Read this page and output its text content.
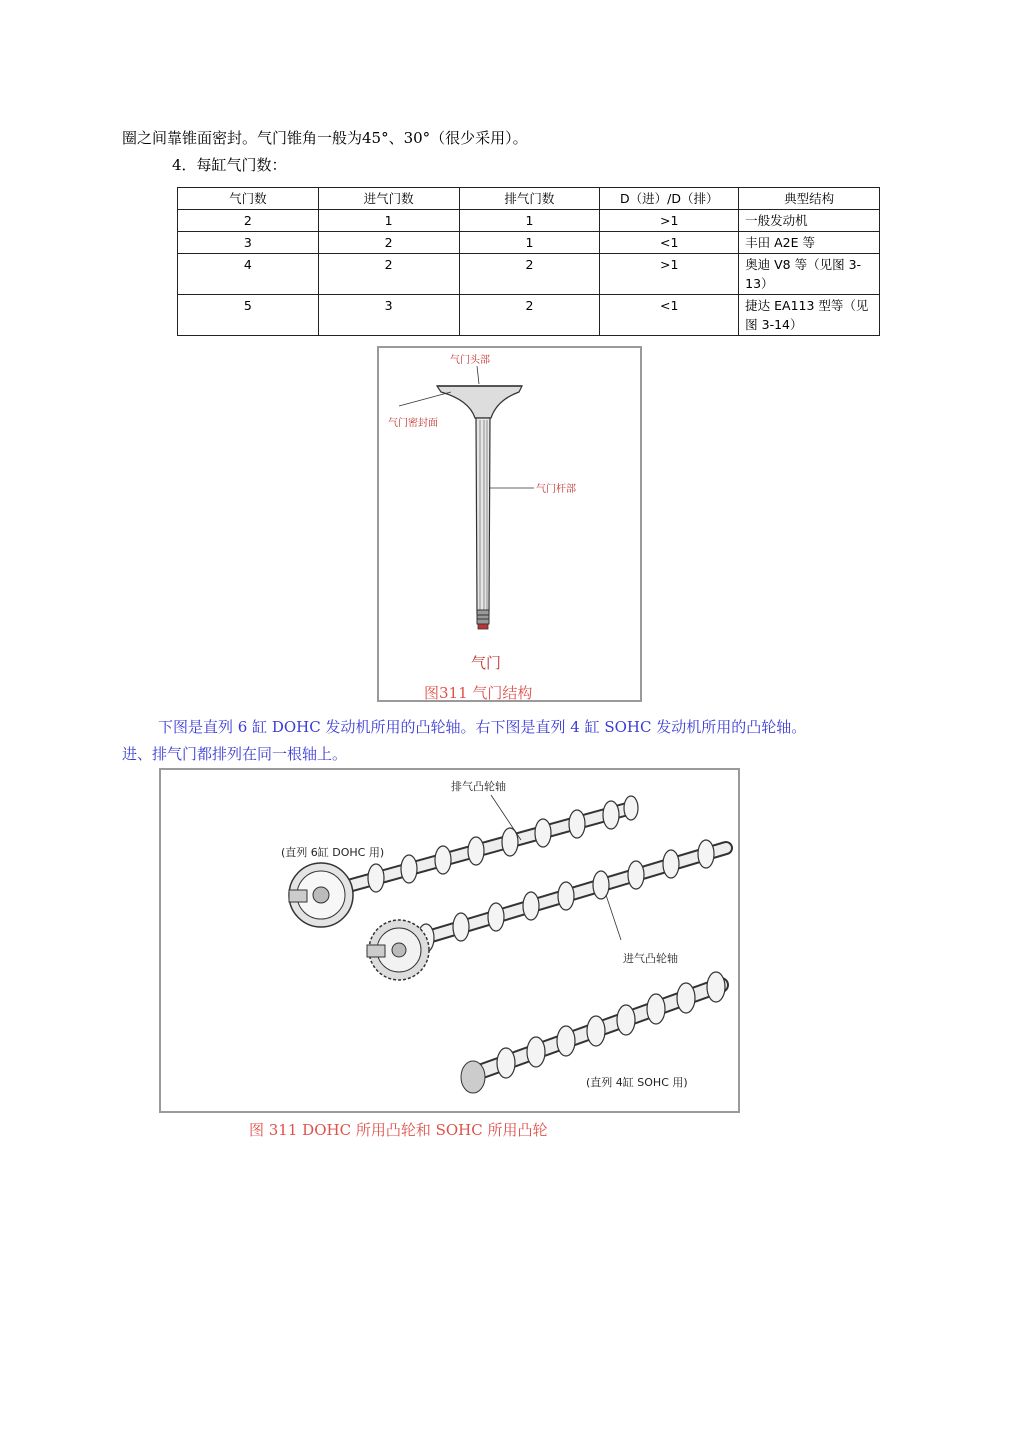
圈之间靠锥面密封。气门锥角一般为45°、30°（很少采用）。
4．每缸气门数：
气门数	进气门数	排气门数	D（进）/D（排）	典型结构
2	1	1	>1	一般发动机
3	2	1	<1	丰田 A2E 等
4	2	2	>1	奥迪 V8 等（见图 3-13）
5	3	2	<1	捷达 EA113 型等（见图 3-14）
气门头部
气门密封面
气门杆部
气门
图311 气门结构
下图是直列 6 缸 DOHC 发动机所用的凸轮轴。右下图是直列 4 缸 SOHC 发动机所用的凸轮轴。
进、排气门都排列在同一根轴上。
排气凸轮轴
(直列 6缸 DOHC 用)
进气凸轮轴
(直列 4缸 SOHC 用)
图 311 DOHC 所用凸轮和 SOHC 所用凸轮
